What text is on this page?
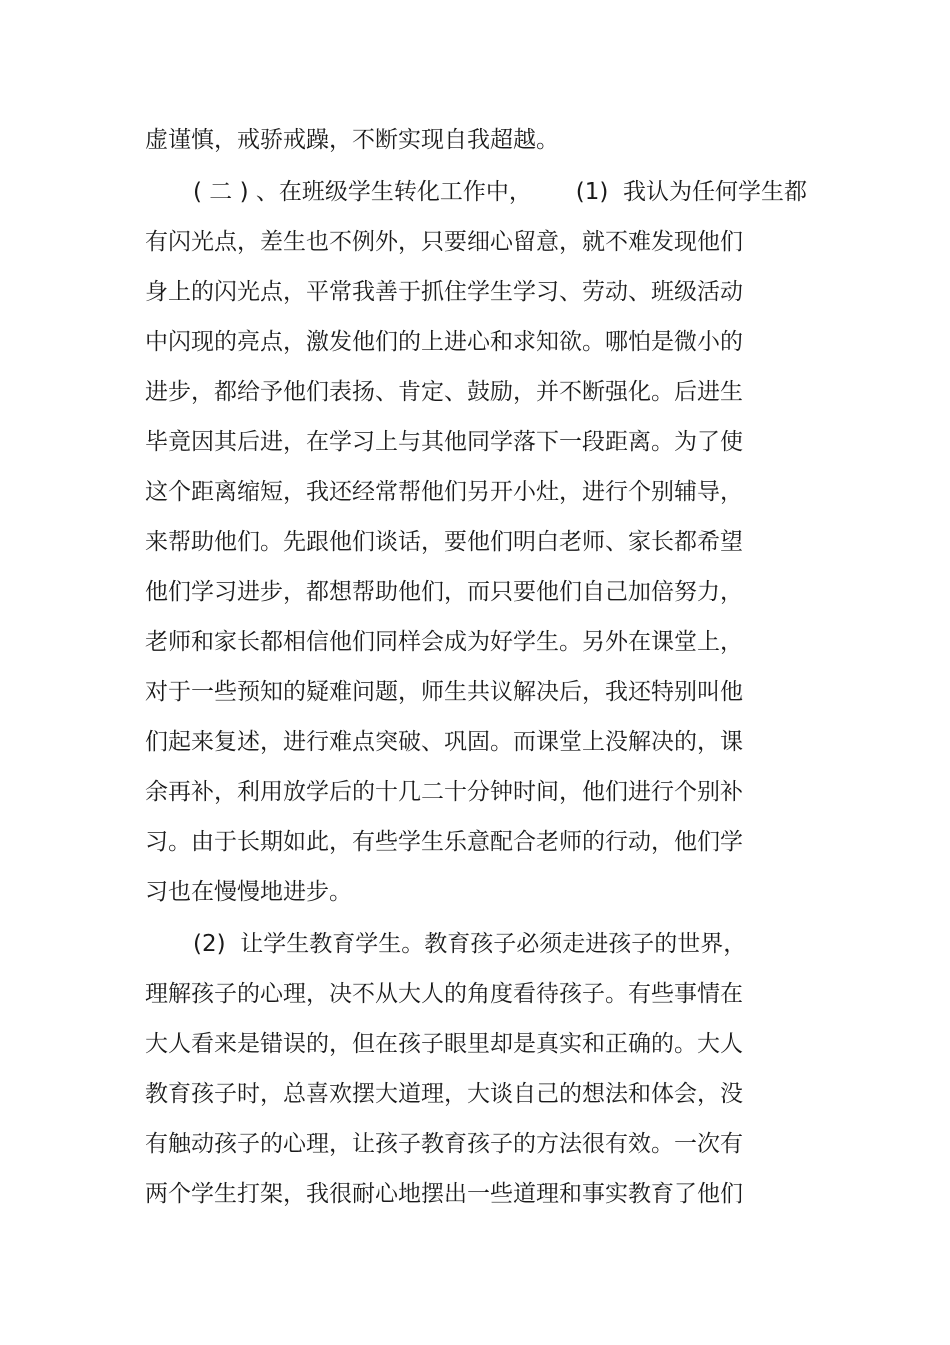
虚谨慎，戒骄戒躁，不断实现自我超越。

( 二 ) 、在班级学生转化工作中，      (1)  我认为任何学生都

有闪光点，差生也不例外，只要细心留意，就不难发现他们

身上的闪光点，平常我善于抓住学生学习、劳动、班级活动

中闪现的亮点，激发他们的上进心和求知欲。哪怕是微小的

进步，都给予他们表扬、肯定、鼓励，并不断强化。后进生

毕竟因其后进，在学习上与其他同学落下一段距离。为了使

这个距离缩短，我还经常帮他们另开小灶，进行个别辅导，

来帮助他们。先跟他们谈话，要他们明白老师、家长都希望

他们学习进步，都想帮助他们，而只要他们自己加倍努力，

老师和家长都相信他们同样会成为好学生。另外在课堂上，

对于一些预知的疑难问题，师生共议解决后，我还特别叫他

们起来复述，进行难点突破、巩固。而课堂上没解决的，课

余再补，利用放学后的十几二十分钟时间，他们进行个别补

习。由于长期如此，有些学生乐意配合老师的行动，他们学

习也在慢慢地进步。

(2)  让学生教育学生。教育孩子必须走进孩子的世界，

理解孩子的心理，决不从大人的角度看待孩子。有些事情在

大人看来是错误的，但在孩子眼里却是真实和正确的。大人

教育孩子时，总喜欢摆大道理，大谈自己的想法和体会，没

有触动孩子的心理，让孩子教育孩子的方法很有效。一次有

两个学生打架，我很耐心地摆出一些道理和事实教育了他们
